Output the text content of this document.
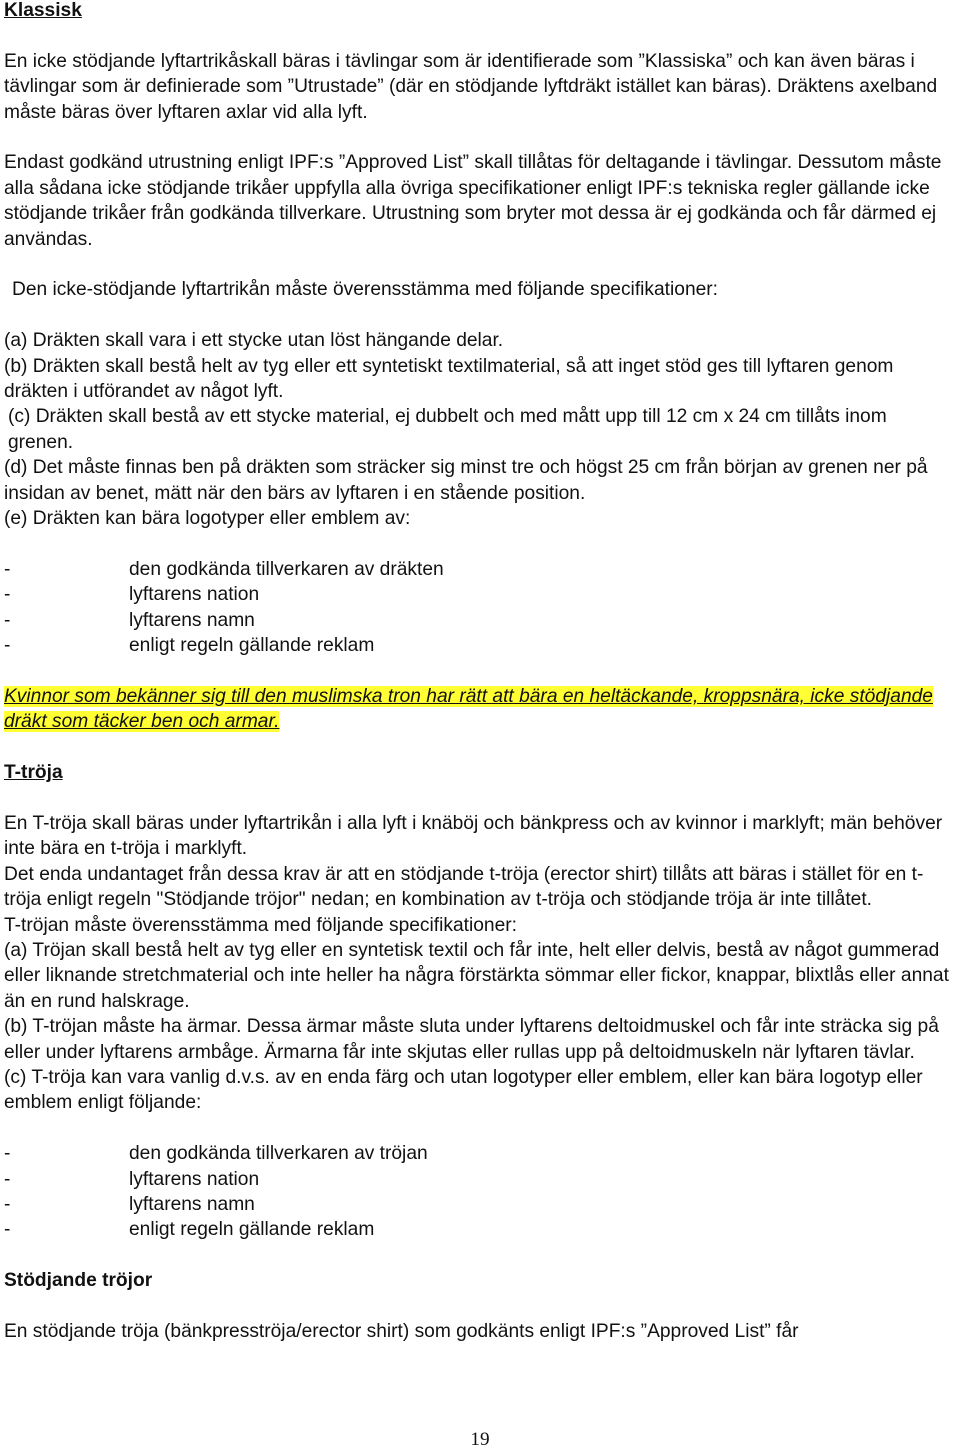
Klassisk

En icke stödjande lyftartrikåskall bäras i tävlingar som är identifierade som ”Klassiska” och kan även bäras i tävlingar som är definierade som ”Utrustade” (där en stödjande lyftdräkt istället kan bäras). Dräktens axelband måste bäras över lyftaren axlar vid alla lyft.

Endast godkänd utrustning enligt IPF:s ”Approved List” skall tillåtas för deltagande i tävlingar. Dessutom måste alla sådana icke stödjande trikåer uppfylla alla övriga specifikationer enligt IPF:s tekniska regler gällande icke stödjande trikåer från godkända tillverkare. Utrustning som bryter mot dessa är ej godkända och får därmed ej användas.

Den icke-stödjande lyftartrikån måste överensstämma med följande specifikationer:

(a) Dräkten skall vara i ett stycke utan löst hängande delar.

(b) Dräkten skall bestå helt av tyg eller ett syntetiskt textilmaterial, så att inget stöd ges till lyftaren genom dräkten i utförandet av något lyft.

(c) Dräkten skall bestå av ett stycke material, ej dubbelt och med mått upp till 12 cm x 24 cm tillåts inom grenen.

(d) Det måste finnas ben på dräkten som sträcker sig minst tre och högst 25 cm från början av grenen ner på insidan av benet, mätt när den bärs av lyftaren i en stående position.

(e) Dräkten kan bära logotyper eller emblem av:

-	den godkända tillverkaren av dräkten
-	lyftarens nation
-	lyftarens namn
-	enligt regeln gällande reklam

Kvinnor som bekänner sig till den muslimska tron har rätt att bära en heltäckande, kroppsnära, icke stödjande dräkt som täcker ben och armar.

T-tröja

En T-tröja skall bäras under lyftartrikån i alla lyft i knäböj och bänkpress och av kvinnor i marklyft; män behöver inte bära en t-tröja i marklyft.

Det enda undantaget från dessa krav är att en stödjande t-tröja (erector shirt) tillåts att bäras i stället för en t-tröja enligt regeln "Stödjande tröjor" nedan; en kombination av t-tröja och stödjande tröja är inte tillåtet.

T-tröjan måste överensstämma med följande specifikationer:

(a) Tröjan skall bestå helt av tyg eller en syntetisk textil och får inte, helt eller delvis, bestå av något gummerad eller liknande stretchmaterial och inte heller ha några förstärkta sömmar eller fickor, knappar, blixtlås eller annat än en rund halskrage.

(b) T-tröjan måste ha ärmar. Dessa ärmar måste sluta under lyftarens deltoidmuskel och får inte sträcka sig på eller under lyftarens armbåge. Ärmarna får inte skjutas eller rullas upp på deltoidmuskeln när lyftaren tävlar.

(c) T-tröja kan vara vanlig d.v.s. av en enda färg och utan logotyper eller emblem, eller kan bära logotyp eller emblem enligt följande:

-	den godkända tillverkaren av tröjan
-	lyftarens nation
-	lyftarens namn
-	enligt regeln gällande reklam

Stödjande tröjor

En stödjande tröja (bänkpresströja/erector shirt) som godkänts enligt IPF:s ”Approved List” får

19
